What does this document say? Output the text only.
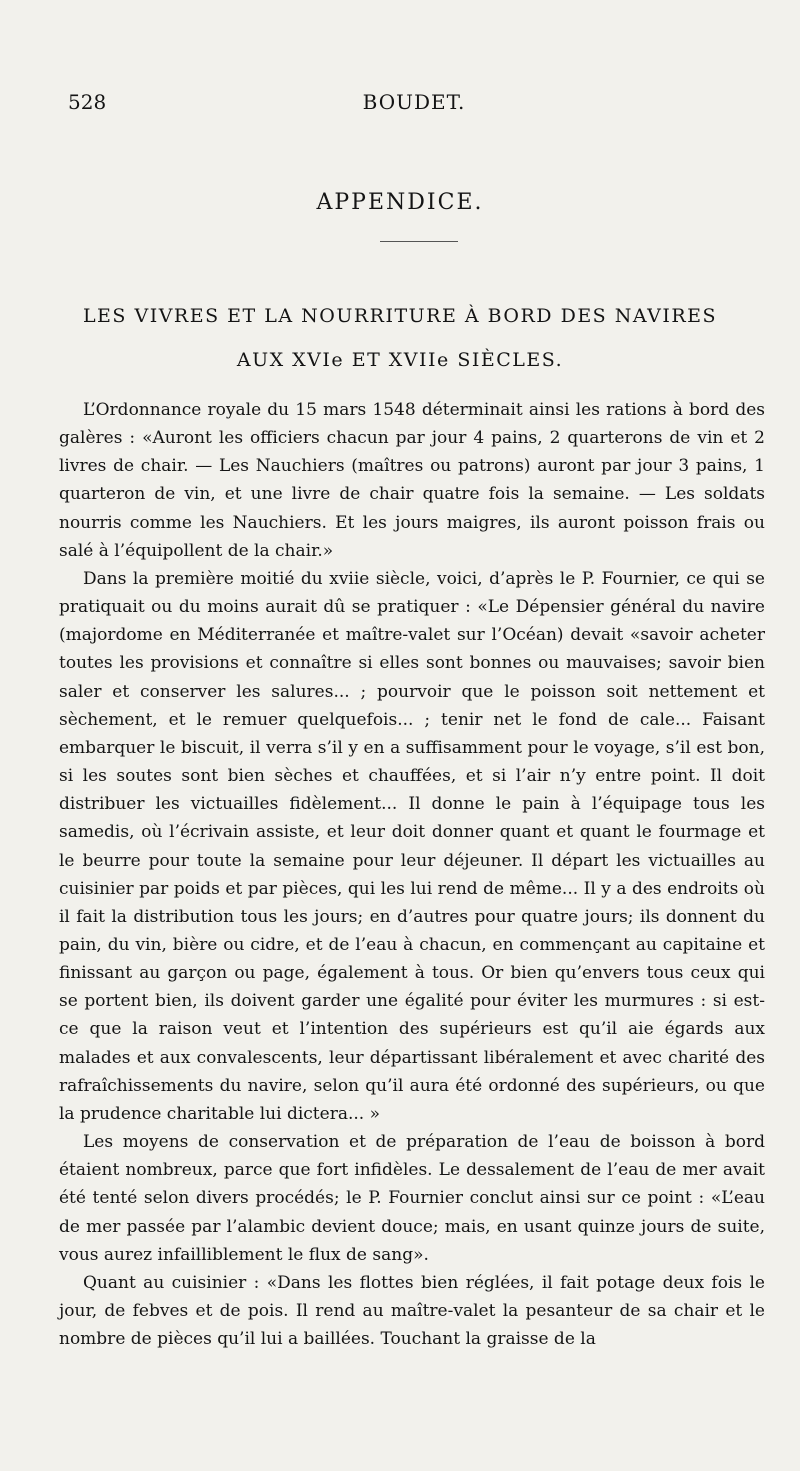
528	BOUDET.
APPENDICE.
LES VIVRES ET LA NOURRITURE À BORD DES NAVIRES
AUX XVIe ET XVIIe SIÈCLES.

L’Ordonnance royale du 15 mars 1548 déterminait ainsi les rations à bord des galères : «Auront les officiers chacun par jour 4 pains, 2 quarterons de vin et 2 livres de chair. — Les Nauchiers (maîtres ou patrons) auront par jour 3 pains, 1 quarteron de vin, et une livre de chair quatre fois la semaine. — Les soldats nourris comme les Nauchiers. Et les jours maigres, ils auront poisson frais ou salé à l’équipollent de la chair.»

Dans la première moitié du xviie siècle, voici, d’après le P. Fournier, ce qui se pratiquait ou du moins aurait dû se pratiquer : «Le Dépensier général du navire (majordome en Méditerranée et maître-valet sur l’Océan) devait «savoir acheter toutes les provisions et connaître si elles sont bonnes ou mauvaises; savoir bien saler et conserver les salures... ; pourvoir que le poisson soit nettement et sèchement, et le remuer quelquefois... ; tenir net le fond de cale... Faisant embarquer le biscuit, il verra s’il y en a suffisamment pour le voyage, s’il est bon, si les soutes sont bien sèches et chauffées, et si l’air n’y entre point. Il doit distribuer les victuailles fidèlement... Il donne le pain à l’équipage tous les samedis, où l’écrivain assiste, et leur doit donner quant et quant le fourmage et le beurre pour toute la semaine pour leur déjeuner. Il départ les victuailles au cuisinier par poids et par pièces, qui les lui rend de même... Il y a des endroits où il fait la distribution tous les jours; en d’autres pour quatre jours; ils donnent du pain, du vin, bière ou cidre, et de l’eau à chacun, en commençant au capitaine et finissant au garçon ou page, également à tous. Or bien qu’envers tous ceux qui se portent bien, ils doivent garder une égalité pour éviter les murmures : si est-ce que la raison veut et l’intention des supérieurs est qu’il aie égards aux malades et aux convalescents, leur départissant libéralement et avec charité des rafraîchissements du navire, selon qu’il aura été ordonné des supérieurs, ou que la prudence charitable lui dictera... »

Les moyens de conservation et de préparation de l’eau de boisson à bord étaient nombreux, parce que fort infidèles. Le dessalement de l’eau de mer avait été tenté selon divers procédés; le P. Fournier conclut ainsi sur ce point : «L’eau de mer passée par l’alambic devient douce; mais, en usant quinze jours de suite, vous aurez infailliblement le flux de sang».

Quant au cuisinier : «Dans les flottes bien réglées, il fait potage deux fois le jour, de febves et de pois. Il rend au maître-valet la pesanteur de sa chair et le nombre de pièces qu’il lui a baillées. Touchant la graisse de la
